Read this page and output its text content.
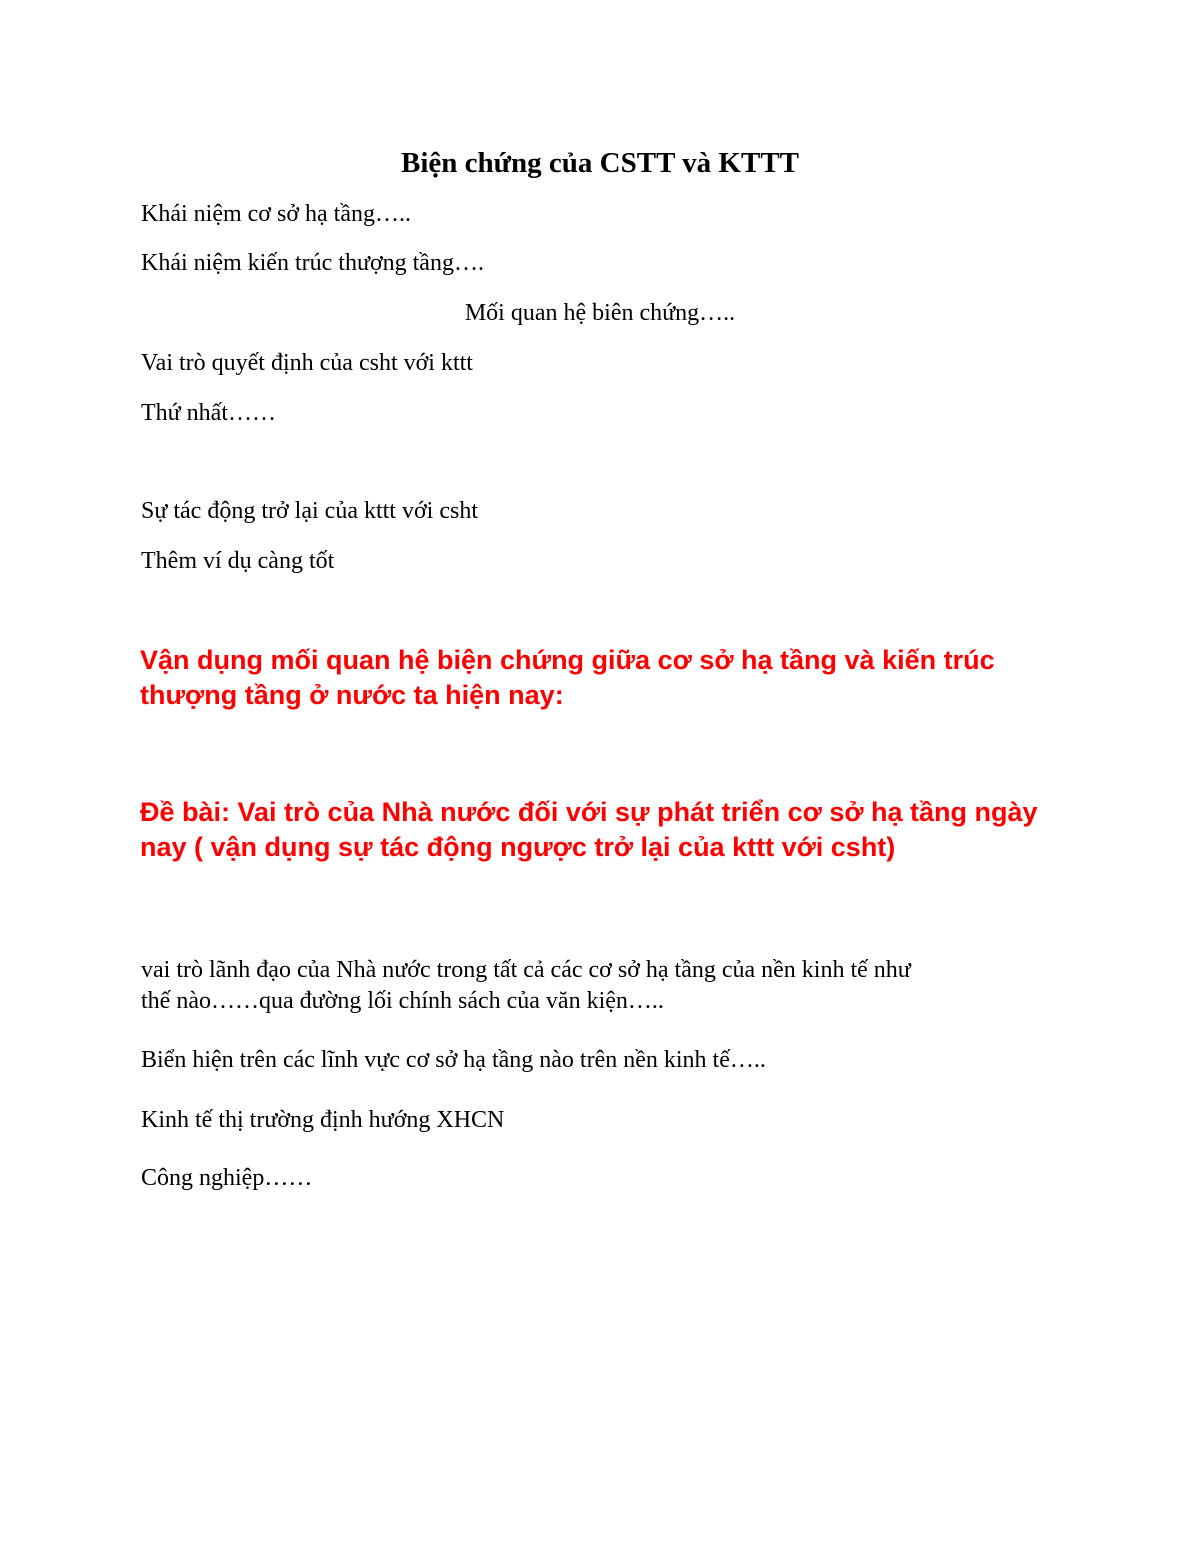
Biện chứng của CSTT và KTTT

Khái niệm cơ sở hạ tầng…..

Khái niệm kiến trúc thượng tầng….

Mối quan hệ biên chứng…..

Vai trò quyết định của csht với kttt

Thứ nhất……

Sự tác động trở lại của kttt với csht

Thêm ví dụ càng tốt

Vận dụng mối quan hệ biện chứng giữa cơ sở hạ tầng và kiến trúc thượng tầng ở nước ta hiện nay:

Đề bài: Vai trò của Nhà nước đối với sự phát triển cơ sở hạ tầng ngày nay ( vận dụng sự tác động ngược trở lại của kttt với csht)

vai trò lãnh đạo của Nhà nước trong tất cả các cơ sở hạ tầng của nền kinh tế như

thế nào……qua đường lối chính sách của văn kiện…..

Biển hiện trên các lĩnh vực cơ sở hạ tầng nào trên nền kinh tế…..

Kinh tế thị trường định hướng XHCN

Công nghiệp……
